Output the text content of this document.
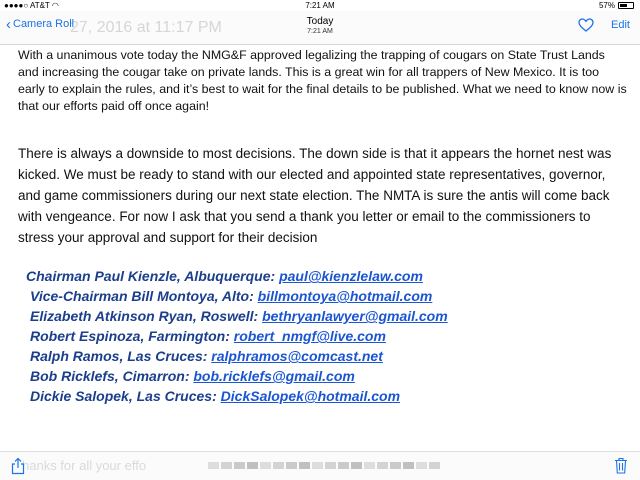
●●●●○ AT&T ◠	7:21 AM	57%
27, 2016 at 11:17 PM
‹ Camera Roll	Today
7:21 AM
Edit

With a unanimous vote today the NMG&F approved legalizing the trapping of cougars on State Trust Lands and increasing the cougar take on private lands. This is a great win for all trappers of New Mexico. It is too early to explain the rules, and it’s best to wait for the final details to be published. What we need to know now is that our efforts paid off once again!

There is always a downside to most decisions. The down side is that it appears the hornet nest was kicked. We must be ready to stand with our elected and appointed state representatives, governor, and game commissioners during our next state election. The NMTA is sure the antis will come back with vengeance. For now I ask that you send a thank you letter or email to the commissioners to stress your approval and support for their decision

Chairman Paul Kienzle, Albuquerque: paul@kienzlelaw.com
Vice-Chairman Bill Montoya, Alto: billmontoya@hotmail.com
Elizabeth Atkinson Ryan, Roswell: bethryanlawyer@gmail.com
Robert Espinoza, Farmington: robert_nmgf@live.com
Ralph Ramos, Las Cruces: ralphramos@comcast.net
Bob Ricklefs, Cimarron: bob.ricklefs@gmail.com
Dickie Salopek, Las Cruces: DickSalopek@hotmail.com
hanks for all your effo
